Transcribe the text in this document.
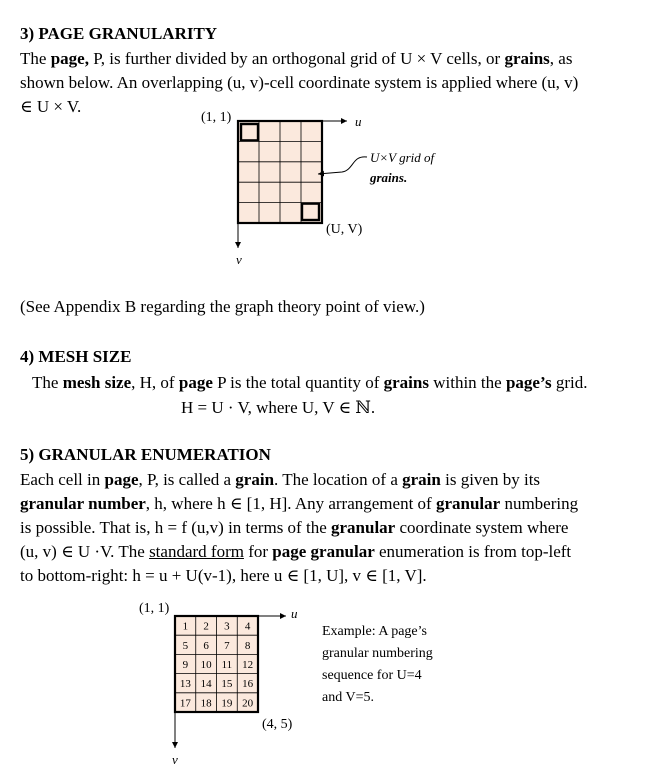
3) PAGE GRANULARITY
The page, P, is further divided by an orthogonal grid of U × V cells, or grains, as
shown below. An overlapping (u, v)-cell coordinate system is applied where (u, v)
∈ U × V.
(1, 1)	u
v
(U, V)
U×V grid of
grains.
(See Appendix B regarding the graph theory point of view.)
4) MESH SIZE
The mesh size, H, of page P is the total quantity of grains within the page’s grid.
H = U · V, where U, V ∈ ℕ.
5) GRANULAR ENUMERATION
Each cell in page, P, is called a grain. The location of a grain is given by its
granular number, h, where h ∈ [1, H]. Any arrangement of granular numbering
is possible. That is, h = f (u,v) in terms of the granular coordinate system where
(u, v) ∈ U ·V. The standard form for page granular enumeration is from top-left
to bottom-right: h = u + U(v-1), here u ∈ [1, U], v ∈ [1, V].
(1, 1)	u
v
(4, 5)
1 2 3 4
5 6 7 8
9 10 11 12
13 14 15 16
17 18 19 20
Example: A page’s
granular numbering
sequence for U=4
and V=5.
